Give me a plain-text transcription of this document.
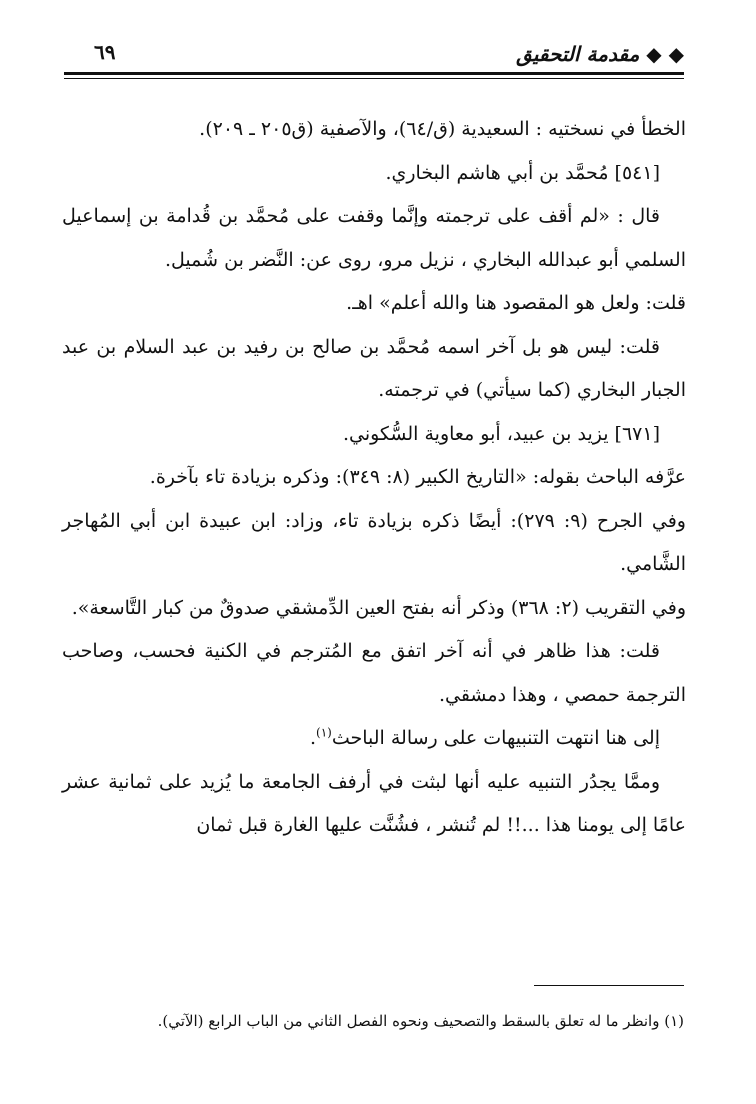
◆ ◆ مقدمة التحقيق
٦٩

الخطأ في نسختيه : السعيدية (ق/٦٤)، والآصفية (ق٢٠٥ ـ ٢٠٩).

[٥٤١] مُحمَّد بن أبي هاشم البخاري.

قال : «لم أقف على ترجمته وإنَّما وقفت على مُحمَّد بن قُدامة بن إسماعيل السلمي أبو عبدالله البخاري ، نزيل مرو، روى عن: النَّضر بن شُميل.

قلت: ولعل هو المقصود هنا والله أعلم» اهـ.

قلت: ليس هو بل آخر اسمه مُحمَّد بن صالح بن رفيد بن عبد السلام بن عبد الجبار البخاري (كما سيأتي) في ترجمته.

[٦٧١] يزيد بن عبيد، أبو معاوية السُّكوني.

عرَّفه الباحث بقوله: «التاريخ الكبير (٨: ٣٤٩): وذكره بزيادة تاء بآخرة.

وفي الجرح (٩: ٢٧٩): أيضًا ذكره بزيادة تاء، وزاد: ابن عبيدة ابن أبي المُهاجر الشَّامي.

وفي التقريب (٢: ٣٦٨) وذكر أنه بفتح العين الدِّمشقي صدوقٌ من كبار التَّاسعة».

قلت: هذا ظاهر في أنه آخر اتفق مع المُترجم في الكنية فحسب، وصاحب الترجمة حمصي ، وهذا دمشقي.

إلى هنا انتهت التنبيهات على رسالة الباحث$^{(١)}$.

وممَّا يجدُر التنبيه عليه أنها لبثت في أرفف الجامعة ما يُزيد على ثمانية عشر عامًا إلى يومنا هذا ...!! لم تُنشر ، فشُنَّت عليها الغارة قبل ثمان

(١) وانظر ما له تعلق بالسقط والتصحيف ونحوه الفصل الثاني من الباب الرابع (الآتي).
